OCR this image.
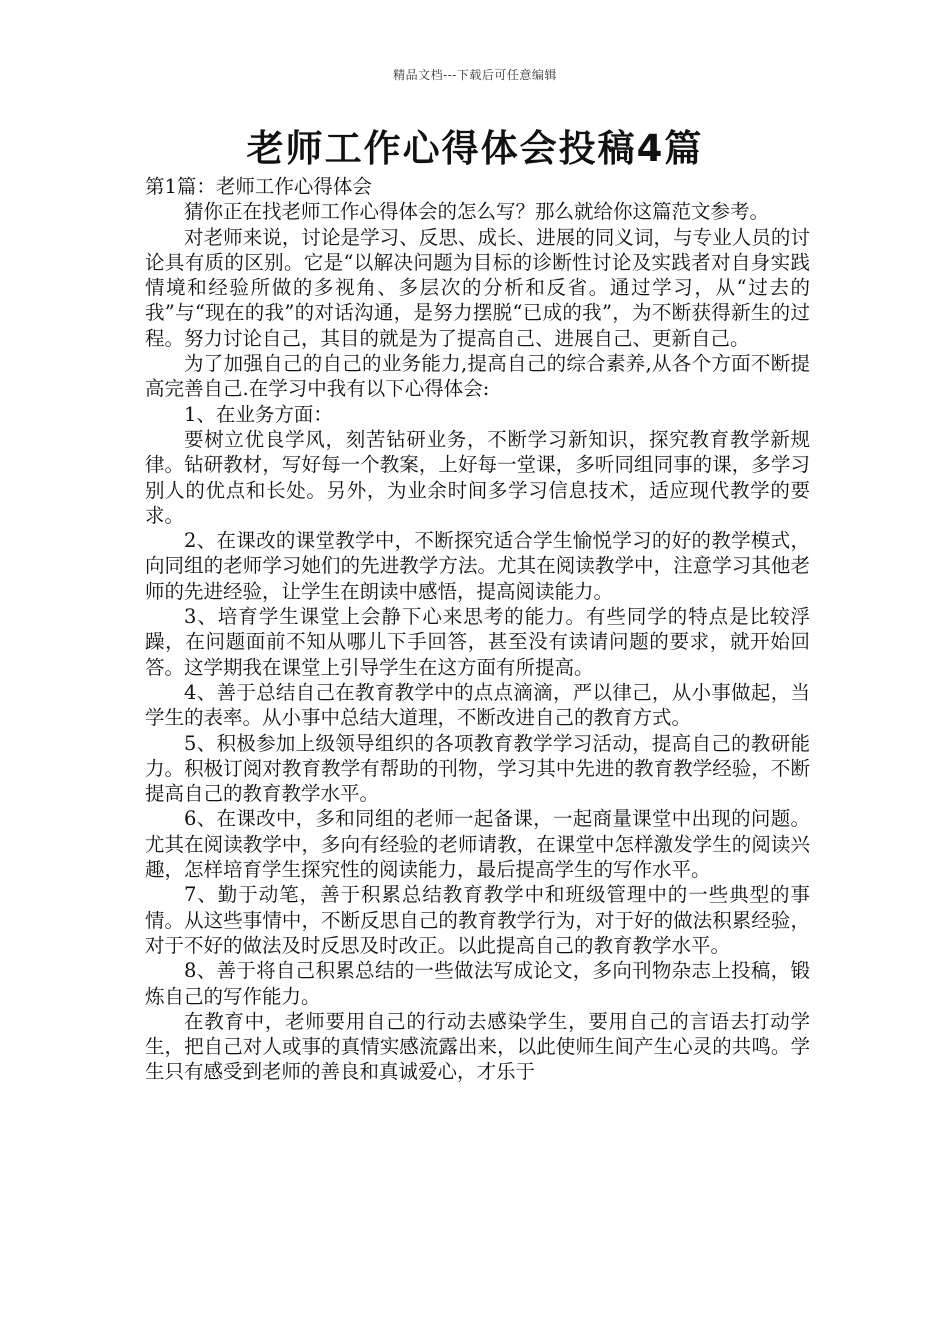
精品文档---下载后可任意编辑
老师工作心得体会投稿4篇

第1篇：老师工作心得体会

猜你正在找老师工作心得体会的怎么写？那么就给你这篇范文参考。

对老师来说，讨论是学习、反思、成长、进展的同义词，与专业人员的讨论具有质的区别。它是“以解决问题为目标的诊断性讨论及实践者对自身实践情境和经验所做的多视角、多层次的分析和反省。通过学习，从“过去的我”与“现在的我”的对话沟通，是努力摆脱“已成的我”，为不断获得新生的过程。努力讨论自己，其目的就是为了提高自己、进展自己、更新自己。

为了加强自己的自己的业务能力,提高自己的综合素养,从各个方面不断提高完善自己.在学习中我有以下心得体会:

1、在业务方面：

要树立优良学风，刻苦钻研业务，不断学习新知识，探究教育教学新规律。钻研教材，写好每一个教案，上好每一堂课，多听同组同事的课，多学习别人的优点和长处。另外，为业余时间多学习信息技术，适应现代教学的要求。

2、在课改的课堂教学中，不断探究适合学生愉悦学习的好的教学模式，向同组的老师学习她们的先进教学方法。尤其在阅读教学中，注意学习其他老师的先进经验，让学生在朗读中感悟，提高阅读能力。

3、培育学生课堂上会静下心来思考的能力。有些同学的特点是比较浮躁，在问题面前不知从哪儿下手回答，甚至没有读请问题的要求，就开始回答。这学期我在课堂上引导学生在这方面有所提高。

4、善于总结自己在教育教学中的点点滴滴，严以律己，从小事做起，当学生的表率。从小事中总结大道理，不断改进自己的教育方式。

5、积极参加上级领导组织的各项教育教学学习活动，提高自己的教研能力。积极订阅对教育教学有帮助的刊物，学习其中先进的教育教学经验，不断提高自己的教育教学水平。

6、在课改中，多和同组的老师一起备课，一起商量课堂中出现的问题。尤其在阅读教学中，多向有经验的老师请教，在课堂中怎样激发学生的阅读兴趣，怎样培育学生探究性的阅读能力，最后提高学生的写作水平。

7、勤于动笔，善于积累总结教育教学中和班级管理中的一些典型的事情。从这些事情中，不断反思自己的教育教学行为，对于好的做法积累经验，对于不好的做法及时反思及时改正。以此提高自己的教育教学水平。

8、善于将自己积累总结的一些做法写成论文，多向刊物杂志上投稿，锻炼自己的写作能力。

在教育中，老师要用自己的行动去感染学生，要用自己的言语去打动学生，把自己对人或事的真情实感流露出来，以此使师生间产生心灵的共鸣。学生只有感受到老师的善良和真诚爱心，才乐于
